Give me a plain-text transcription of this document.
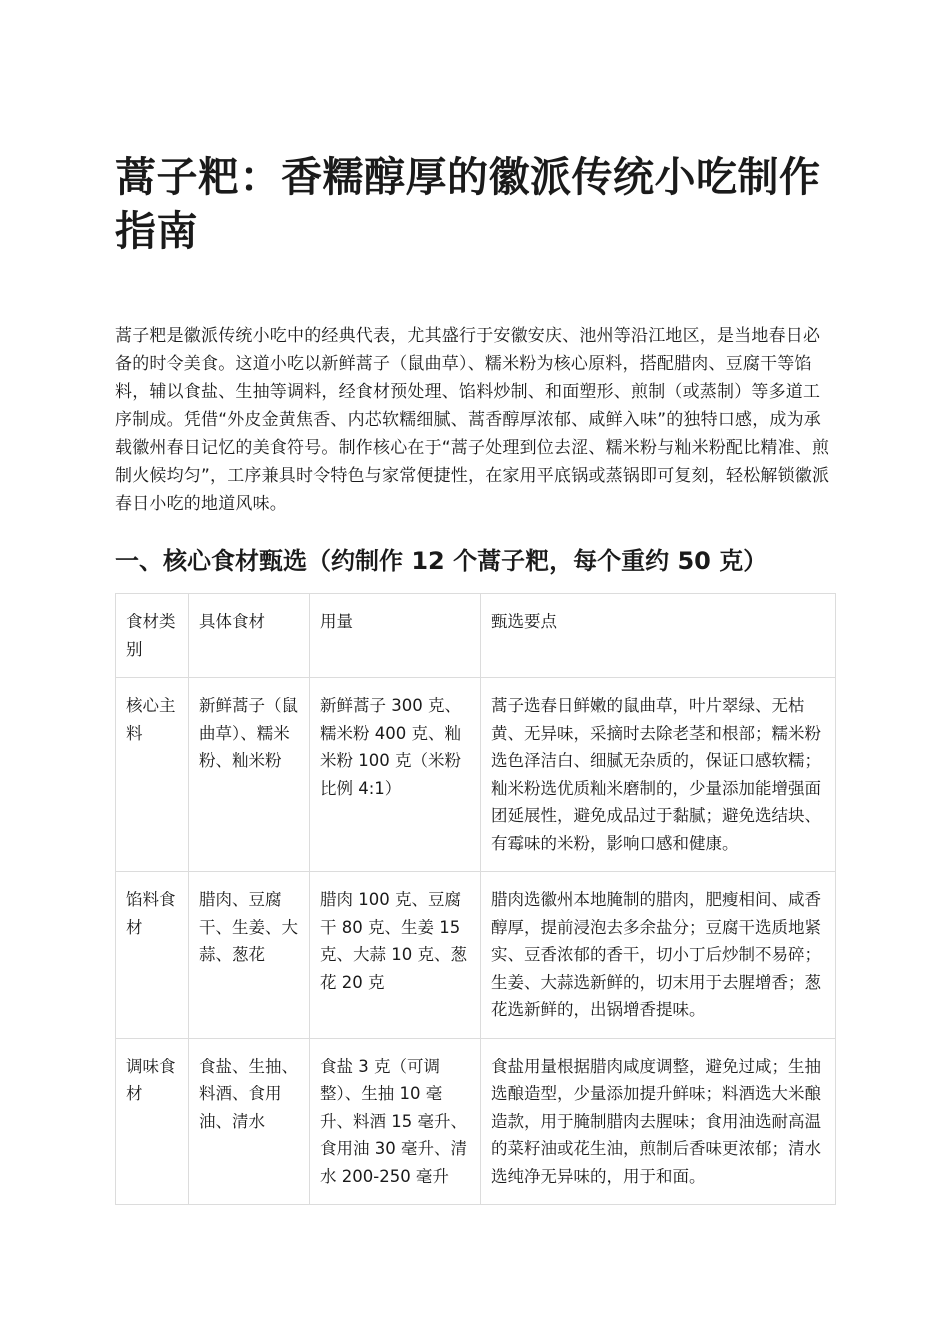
蒿子粑：香糯醇厚的徽派传统小吃制作指南

蒿子粑是徽派传统小吃中的经典代表，尤其盛行于安徽安庆、池州等沿江地区，是当地春日必备的时令美食。这道小吃以新鲜蒿子（鼠曲草）、糯米粉为核心原料，搭配腊肉、豆腐干等馅料，辅以食盐、生抽等调料，经食材预处理、馅料炒制、和面塑形、煎制（或蒸制）等多道工序制成。凭借“外皮金黄焦香、内芯软糯细腻、蒿香醇厚浓郁、咸鲜入味”的独特口感，成为承载徽州春日记忆的美食符号。制作核心在于“蒿子处理到位去涩、糯米粉与籼米粉配比精准、煎制火候均匀”，工序兼具时令特色与家常便捷性，在家用平底锅或蒸锅即可复刻，轻松解锁徽派春日小吃的地道风味。

一、核心食材甄选（约制作 12 个蒿子粑，每个重约 50 克）
食材类别	具体食材	用量	甄选要点
核心主料	新鲜蒿子（鼠曲草）、糯米粉、籼米粉	新鲜蒿子 300 克、糯米粉 400 克、籼米粉 100 克（米粉比例 4:1）	蒿子选春日鲜嫩的鼠曲草，叶片翠绿、无枯黄、无异味，采摘时去除老茎和根部；糯米粉选色泽洁白、细腻无杂质的，保证口感软糯；籼米粉选优质籼米磨制的，少量添加能增强面团延展性，避免成品过于黏腻；避免选结块、有霉味的米粉，影响口感和健康。
馅料食材	腊肉、豆腐干、生姜、大蒜、葱花	腊肉 100 克、豆腐干 80 克、生姜 15 克、大蒜 10 克、葱花 20 克	腊肉选徽州本地腌制的腊肉，肥瘦相间、咸香醇厚，提前浸泡去多余盐分；豆腐干选质地紧实、豆香浓郁的香干，切小丁后炒制不易碎；生姜、大蒜选新鲜的，切末用于去腥增香；葱花选新鲜的，出锅增香提味。
调味食材	食盐、生抽、料酒、食用油、清水	食盐 3 克（可调整）、生抽 10 毫升、料酒 15 毫升、食用油 30 毫升、清水 200-250 毫升	食盐用量根据腊肉咸度调整，避免过咸；生抽选酿造型，少量添加提升鲜味；料酒选大米酿造款，用于腌制腊肉去腥味；食用油选耐高温的菜籽油或花生油，煎制后香味更浓郁；清水选纯净无异味的，用于和面。
